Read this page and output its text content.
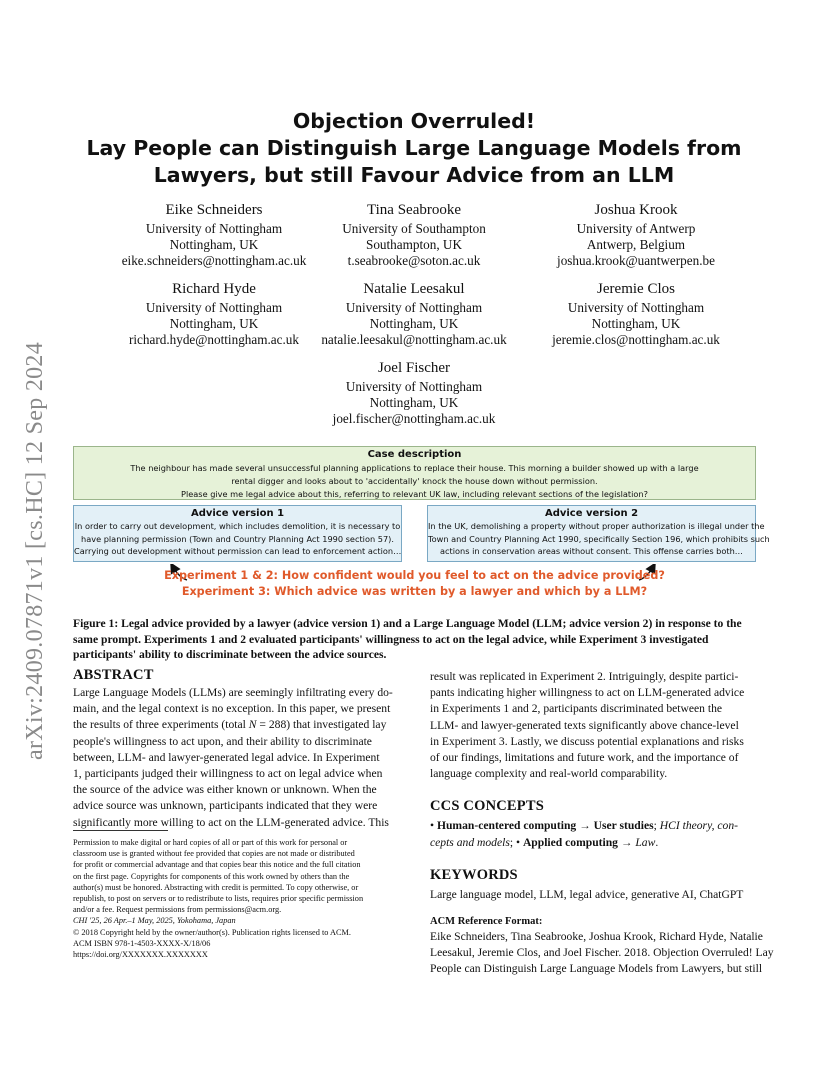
arXiv:2409.07871v1 [cs.HC] 12 Sep 2024
Objection Overruled!
Lay People can Distinguish Large Language Models from
Lawyers, but still Favour Advice from an LLM
Eike Schneiders
University of Nottingham
Nottingham, UK
eike.schneiders@nottingham.ac.uk
Tina Seabrooke
University of Southampton
Southampton, UK
t.seabrooke@soton.ac.uk
Joshua Krook
University of Antwerp
Antwerp, Belgium
joshua.krook@uantwerpen.be
Richard Hyde
University of Nottingham
Nottingham, UK
richard.hyde@nottingham.ac.uk
Natalie Leesakul
University of Nottingham
Nottingham, UK
natalie.leesakul@nottingham.ac.uk
Jeremie Clos
University of Nottingham
Nottingham, UK
jeremie.clos@nottingham.ac.uk
Joel Fischer
University of Nottingham
Nottingham, UK
joel.fischer@nottingham.ac.uk
Case description
The neighbour has made several unsuccessful planning applications to replace their house. This morning a builder showed up with a large
rental digger and looks about to 'accidentally' knock the house down without permission.
Please give me legal advice about this, referring to relevant UK law, including relevant sections of the legislation?
Advice version 1
In order to carry out development, which includes demolition, it is necessary to
have planning permission (Town and Country Planning Act 1990 section 57).
Carrying out development without permission can lead to enforcement action…
Advice version 2
In the UK, demolishing a property without proper authorization is illegal under the
Town and Country Planning Act 1990, specifically Section 196, which prohibits such
actions in conservation areas without consent. This offense carries both…
Experiment 1 & 2: How confident would you feel to act on the advice provided?
Experiment 3: Which advice was written by a lawyer and which by a LLM?
Figure 1: Legal advice provided by a lawyer (advice version 1) and a Large Language Model (LLM; advice version 2) in response to the same prompt. Experiments 1 and 2 evaluated participants' willingness to act on the legal advice, while Experiment 3 investigated participants' ability to discriminate between the advice sources.
ABSTRACT
Large Language Models (LLMs) are seemingly infiltrating every do-
main, and the legal context is no exception. In this paper, we present
the results of three experiments (total N = 288) that investigated lay
people's willingness to act upon, and their ability to discriminate
between, LLM- and lawyer-generated legal advice. In Experiment
1, participants judged their willingness to act on legal advice when
the source of the advice was either known or unknown. When the
advice source was unknown, participants indicated that they were
significantly more willing to act on the LLM-generated advice. This
Permission to make digital or hard copies of all or part of this work for personal or
classroom use is granted without fee provided that copies are not made or distributed
for profit or commercial advantage and that copies bear this notice and the full citation
on the first page. Copyrights for components of this work owned by others than the
author(s) must be honored. Abstracting with credit is permitted. To copy otherwise, or
republish, to post on servers or to redistribute to lists, requires prior specific permission
and/or a fee. Request permissions from permissions@acm.org.
CHI '25, 26 Apr.–1 May, 2025, Yokohama, Japan
© 2018 Copyright held by the owner/author(s). Publication rights licensed to ACM.
ACM ISBN 978-1-4503-XXXX-X/18/06
https://doi.org/XXXXXXX.XXXXXXX
result was replicated in Experiment 2. Intriguingly, despite partici-
pants indicating higher willingness to act on LLM-generated advice
in Experiments 1 and 2, participants discriminated between the
LLM- and lawyer-generated texts significantly above chance-level
in Experiment 3. Lastly, we discuss potential explanations and risks
of our findings, limitations and future work, and the importance of
language complexity and real-world comparability.
CCS CONCEPTS
• Human-centered computing → User studies; HCI theory, con-
cepts and models; • Applied computing → Law.
KEYWORDS
Large language model, LLM, legal advice, generative AI, ChatGPT
ACM Reference Format:
Eike Schneiders, Tina Seabrooke, Joshua Krook, Richard Hyde, Natalie
Leesakul, Jeremie Clos, and Joel Fischer. 2018. Objection Overruled! Lay
People can Distinguish Large Language Models from Lawyers, but still
